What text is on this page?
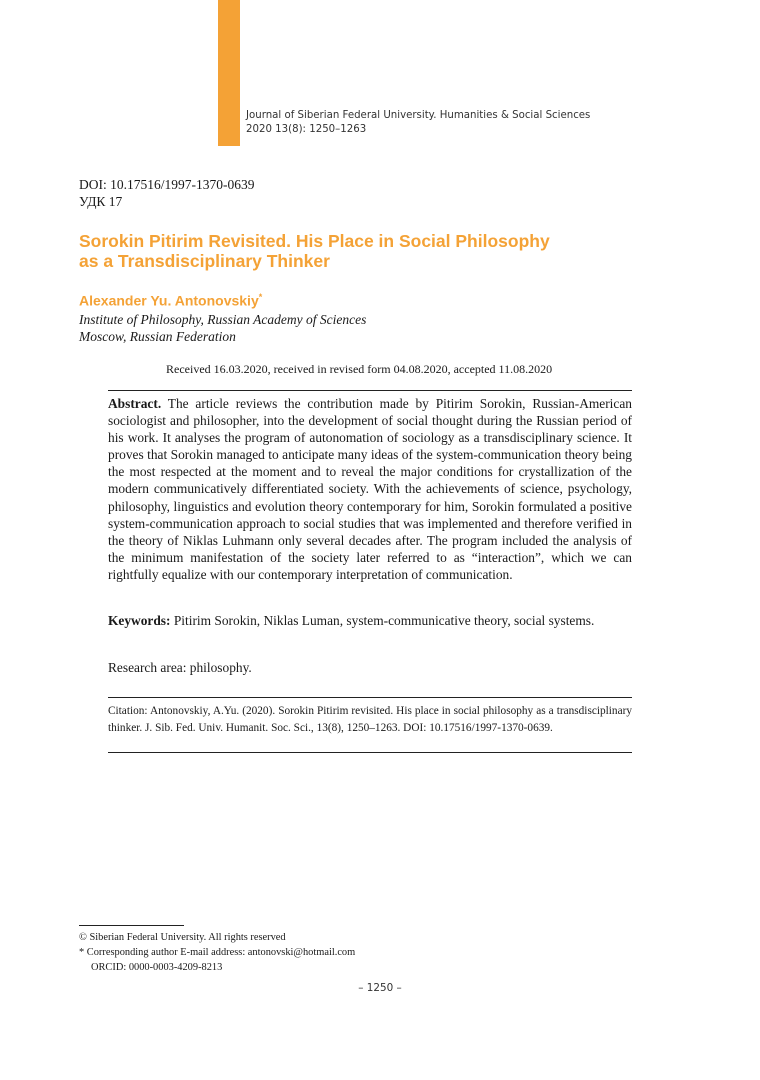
Journal of Siberian Federal University. Humanities & Social Sciences
2020 13(8): 1250–1263
DOI: 10.17516/1997-1370-0639
УДК 17
Sorokin Pitirim Revisited. His Place in Social Philosophy
as a Transdisciplinary Thinker
Alexander Yu. Antonovskiy*
Institute of Philosophy, Russian Academy of Sciences
Moscow, Russian Federation
Received 16.03.2020, received in revised form 04.08.2020, accepted 11.08.2020
Abstract. The article reviews the contribution made by Pitirim Sorokin, Russian-American sociologist and philosopher, into the development of social thought during the Russian period of his work. It analyses the program of autonomation of sociology as a transdisciplinary science. It proves that Sorokin managed to anticipate many ideas of the system-communication theory being the most respected at the moment and to reveal the major conditions for crystallization of the modern communicatively differentiated society. With the achievements of science, psychology, philosophy, linguistics and evolution theory contemporary for him, Sorokin formulated a positive system-communication approach to social studies that was implemented and therefore verified in the theory of Niklas Luhmann only several decades after. The program included the analysis of the minimum manifestation of the society later referred to as “interaction”, which we can rightfully equalize with our contemporary interpretation of communication.
Keywords: Pitirim Sorokin, Niklas Luman, system-communicative theory, social systems.
Research area: philosophy.
Citation: Antonovskiy, A.Yu. (2020). Sorokin Pitirim revisited. His place in social philosophy as a transdisciplinary thinker. J. Sib. Fed. Univ. Humanit. Soc. Sci., 13(8), 1250–1263. DOI: 10.17516/1997-1370-0639.
© Siberian Federal University. All rights reserved
* Corresponding author E-mail address: antonovski@hotmail.com
ORCID: 0000-0003-4209-8213
– 1250 –
